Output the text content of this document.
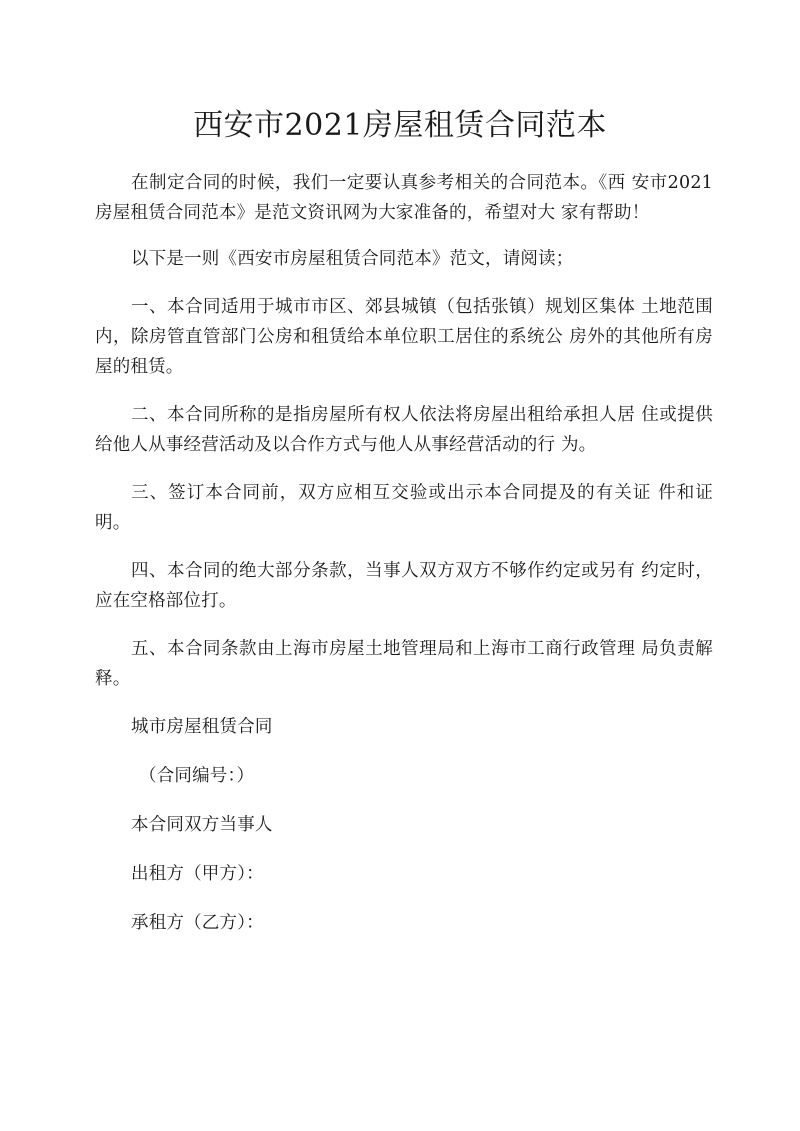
西安市2021房屋租赁合同范本

在制定合同的时候，我们一定要认真参考相关的合同范本。《西 安市2021房屋租赁合同范本》是范文资讯网为大家准备的，希望对大 家有帮助！

以下是一则《西安市房屋租赁合同范本》范文，请阅读；

一、本合同适用于城市市区、郊县城镇（包括张镇）规划区集体 土地范围内，除房管直管部门公房和租赁给本单位职工居住的系统公 房外的其他所有房屋的租赁。

二、本合同所称的是指房屋所有权人依法将房屋出租给承担人居 住或提供给他人从事经营活动及以合作方式与他人从事经营活动的行 为。

三、签订本合同前，双方应相互交验或出示本合同提及的有关证 件和证明。

四、本合同的绝大部分条款，当事人双方双方不够作约定或另有 约定时，应在空格部位打。

五、本合同条款由上海市房屋土地管理局和上海市工商行政管理 局负责解释。

城市房屋租赁合同

（合同编号：）

本合同双方当事人

出租方（甲方）：

承租方（乙方）：
